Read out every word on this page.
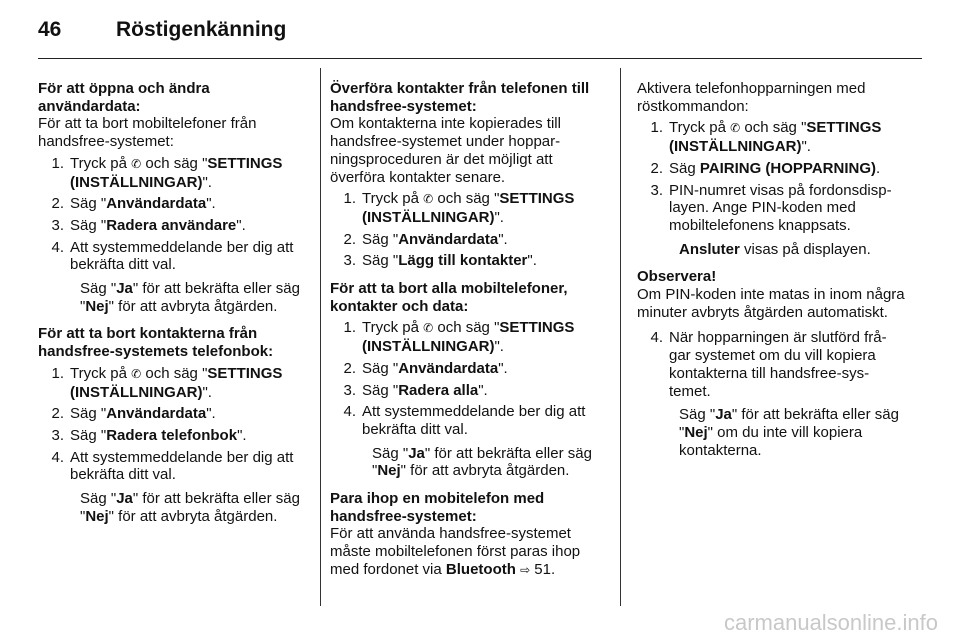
46	Röstigenkänning

För att öppna och ändra användardata:

För att ta bort mobiltelefoner från handsfree-systemet:

1. Tryck på ✆ och säg "SETTINGS (INSTÄLLNINGAR)".
2. Säg "Användardata".
3. Säg "Radera användare".
4. Att systemmeddelande ber dig att bekräfta ditt val.

Säg "Ja" för att bekräfta eller säg "Nej" för att avbryta åtgärden.

För att ta bort kontakterna från handsfree-systemets telefonbok:

1. Tryck på ✆ och säg "SETTINGS (INSTÄLLNINGAR)".
2. Säg "Användardata".
3. Säg "Radera telefonbok".
4. Att systemmeddelande ber dig att bekräfta ditt val.

Säg "Ja" för att bekräfta eller säg "Nej" för att avbryta åtgärden.

Överföra kontakter från telefonen till handsfree-systemet:

Om kontakterna inte kopierades till handsfree-systemet under hoppar-ningsproceduren är det möjligt att överföra kontakter senare.

1. Tryck på ✆ och säg "SETTINGS (INSTÄLLNINGAR)".
2. Säg "Användardata".
3. Säg "Lägg till kontakter".

För att ta bort alla mobiltelefoner, kontakter och data:

1. Tryck på ✆ och säg "SETTINGS (INSTÄLLNINGAR)".
2. Säg "Användardata".
3. Säg "Radera alla".
4. Att systemmeddelande ber dig att bekräfta ditt val.

Säg "Ja" för att bekräfta eller säg "Nej" för att avbryta åtgärden.

Para ihop en mobitelefon med handsfree-systemet:

För att använda handsfree-systemet måste mobiltelefonen först paras ihop med fordonet via Bluetooth ⇨ 51.

Aktivera telefonhopparningen med röstkommandon:

1. Tryck på ✆ och säg "SETTINGS (INSTÄLLNINGAR)".
2. Säg PAIRING (HOPPARNING).
3. PIN-numret visas på fordonsdisp-layen. Ange PIN-koden med mobiltelefonens knappsats.

Ansluter visas på displayen.

Observera!

Om PIN-koden inte matas in inom några minuter avbryts åtgärden automatiskt.

4. När hopparningen är slutförd frå-gar systemet om du vill kopiera kontakterna till handsfree-sys-temet.

Säg "Ja" för att bekräfta eller säg "Nej" om du inte vill kopiera kontakterna.

carmanualsonline.info
